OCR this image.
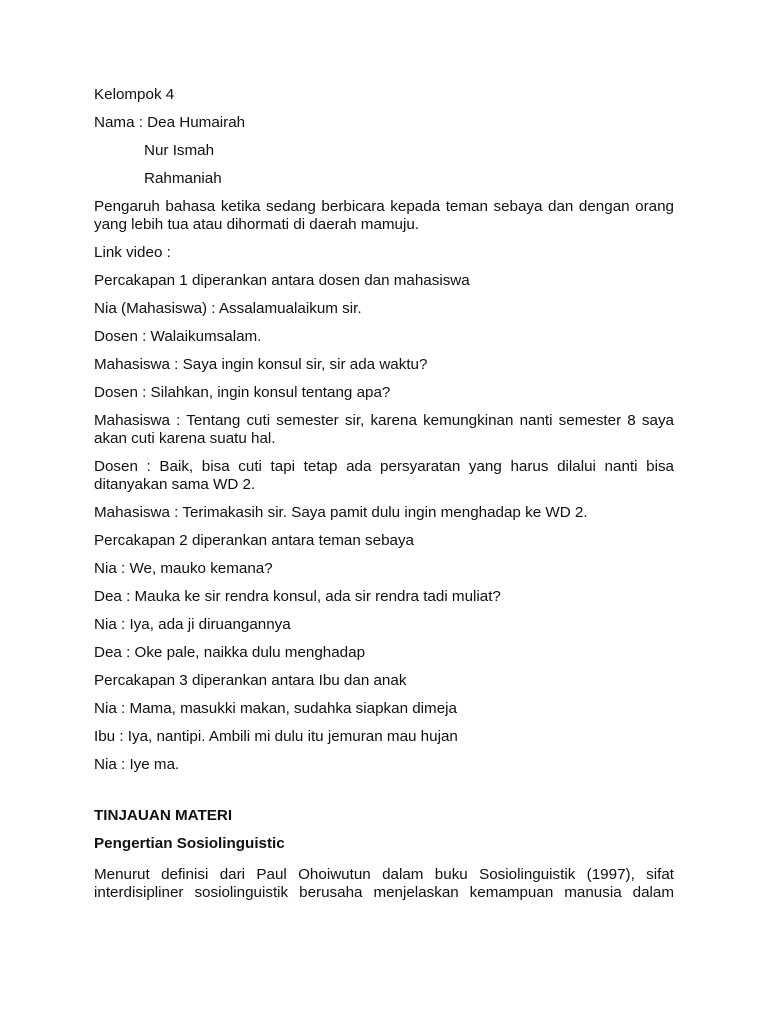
Kelompok 4

Nama : Dea Humairah

Nur Ismah

Rahmaniah

Pengaruh bahasa ketika sedang berbicara kepada teman sebaya dan dengan orang yang lebih tua atau dihormati di daerah mamuju.

Link video :

Percakapan 1 diperankan antara dosen dan mahasiswa

Nia (Mahasiswa) : Assalamualaikum sir.

Dosen : Walaikumsalam.

Mahasiswa : Saya ingin konsul sir, sir ada waktu?

Dosen : Silahkan, ingin konsul tentang apa?

Mahasiswa : Tentang cuti semester sir, karena kemungkinan nanti semester 8 saya akan cuti karena suatu hal.

Dosen : Baik, bisa cuti tapi tetap ada persyaratan yang harus dilalui nanti bisa ditanyakan sama WD 2.

Mahasiswa : Terimakasih sir. Saya pamit dulu ingin menghadap ke WD 2.

Percakapan 2 diperankan antara teman sebaya

Nia : We, mauko kemana?

Dea : Mauka ke sir rendra konsul, ada sir rendra tadi muliat?

Nia : Iya, ada ji diruangannya

Dea : Oke pale, naikka dulu menghadap

Percakapan 3 diperankan antara Ibu dan anak

Nia : Mama, masukki makan, sudahka siapkan dimeja

Ibu : Iya, nantipi. Ambili mi dulu itu jemuran mau hujan

Nia : Iye ma.

TINJAUAN MATERI

Pengertian Sosiolinguistic

Menurut definisi dari Paul Ohoiwutun dalam buku Sosiolinguistik (1997), sifat interdisipliner sosiolinguistik berusaha menjelaskan kemampuan manusia dalam
